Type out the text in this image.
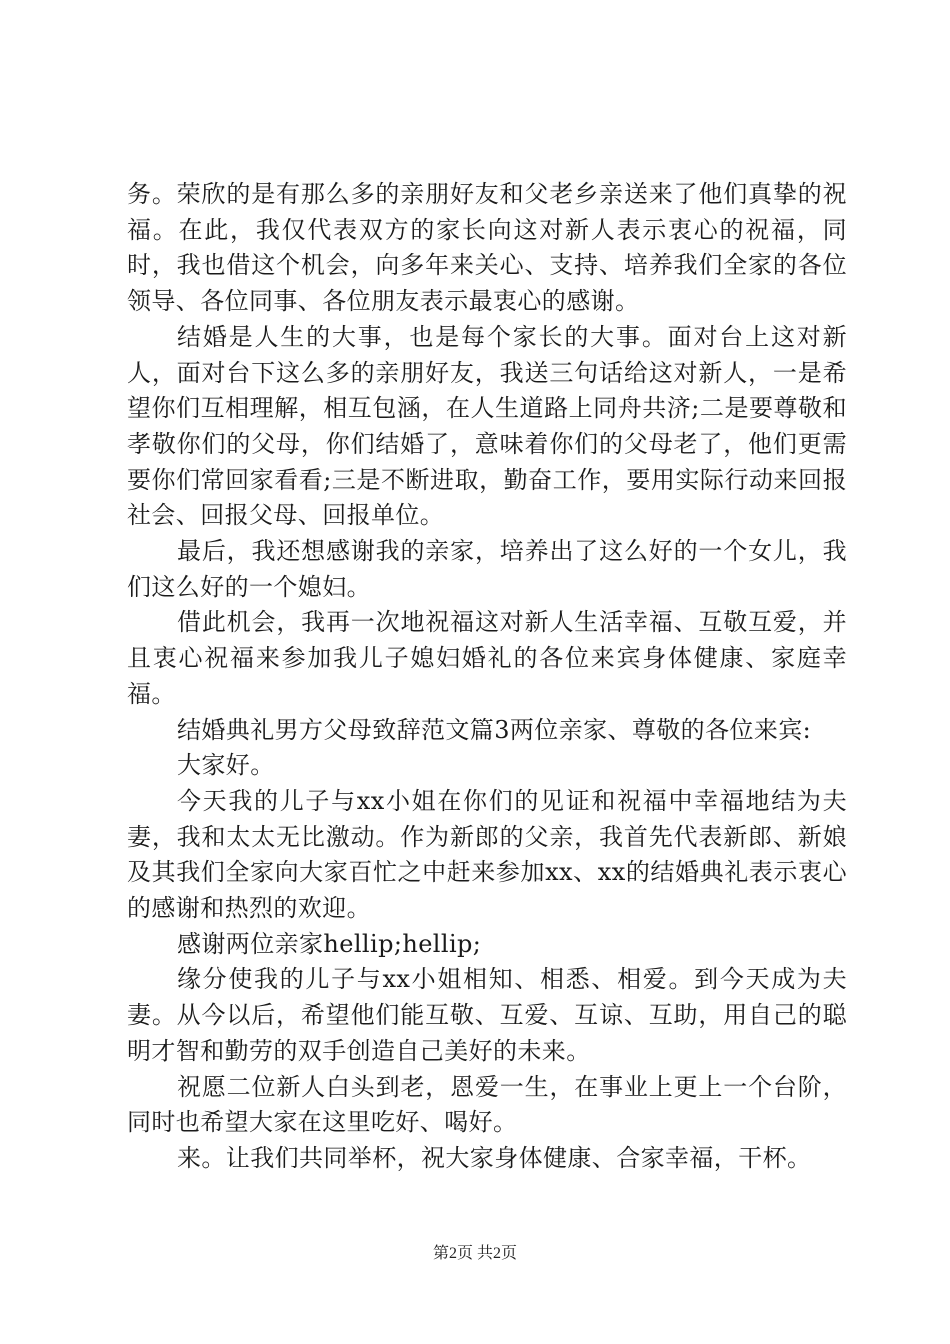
务。荣欣的是有那么多的亲朋好友和父老乡亲送来了他们真挚的祝福。在此，我仅代表双方的家长向这对新人表示衷心的祝福，同时，我也借这个机会，向多年来关心、支持、培养我们全家的各位领导、各位同事、各位朋友表示最衷心的感谢。

结婚是人生的大事，也是每个家长的大事。面对台上这对新人，面对台下这么多的亲朋好友，我送三句话给这对新人，一是希望你们互相理解，相互包涵，在人生道路上同舟共济;二是要尊敬和孝敬你们的父母，你们结婚了，意味着你们的父母老了，他们更需要你们常回家看看;三是不断进取，勤奋工作，要用实际行动来回报社会、回报父母、回报单位。

最后，我还想感谢我的亲家，培养出了这么好的一个女儿，我们这么好的一个媳妇。

借此机会，我再一次地祝福这对新人生活幸福、互敬互爱，并且衷心祝福来参加我儿子媳妇婚礼的各位来宾身体健康、家庭幸福。

结婚典礼男方父母致辞范文篇3两位亲家、尊敬的各位来宾:

大家好。

今天我的儿子与xx小姐在你们的见证和祝福中幸福地结为夫妻，我和太太无比激动。作为新郎的父亲，我首先代表新郎、新娘及其我们全家向大家百忙之中赶来参加xx、xx的结婚典礼表示衷心的感谢和热烈的欢迎。

感谢两位亲家hellip;hellip;

缘分使我的儿子与xx小姐相知、相悉、相爱。到今天成为夫妻。从今以后，希望他们能互敬、互爱、互谅、互助，用自己的聪明才智和勤劳的双手创造自己美好的未来。

祝愿二位新人白头到老，恩爱一生，在事业上更上一个台阶，同时也希望大家在这里吃好、喝好。

来。让我们共同举杯，祝大家身体健康、合家幸福，干杯。

第2页 共2页
